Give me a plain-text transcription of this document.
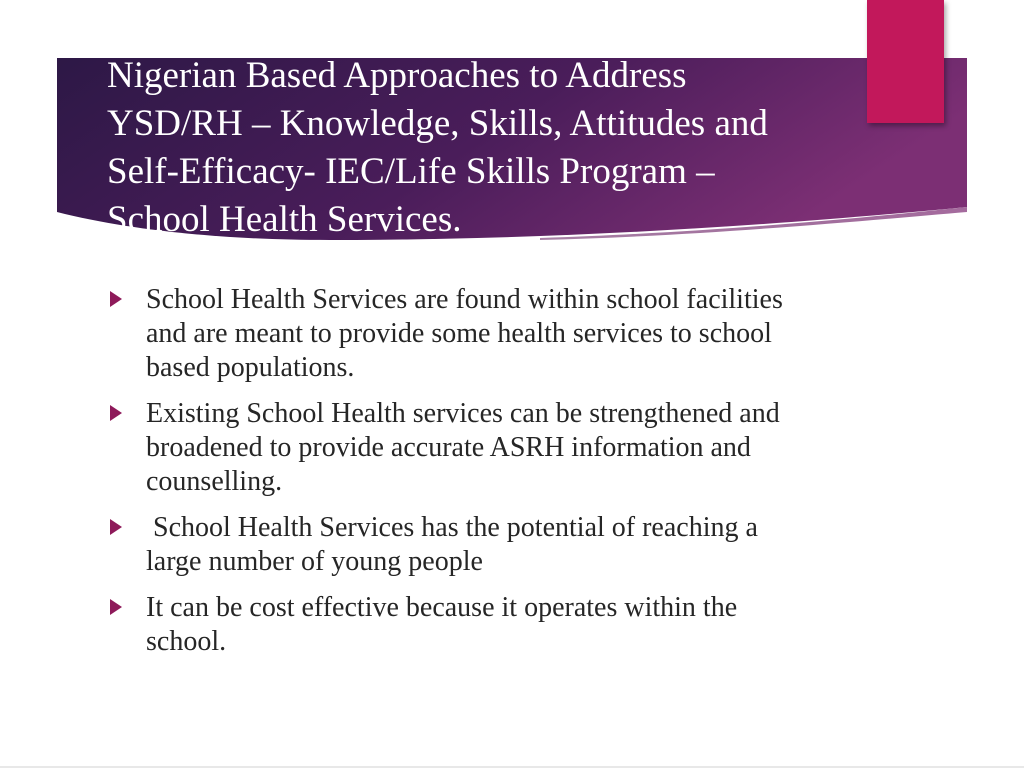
Nigerian Based Approaches to Address YSD/RH – Knowledge, Skills, Attitudes and Self-Efficacy- IEC/Life Skills Program – School Health Services.
School Health Services are found within school facilities and are meant to provide some health services to school based populations.
Existing School Health services can be strengthened and broadened to provide accurate ASRH information and counselling.
School Health Services has the potential of reaching a large number of young people
It can be cost effective because it operates within the school.
